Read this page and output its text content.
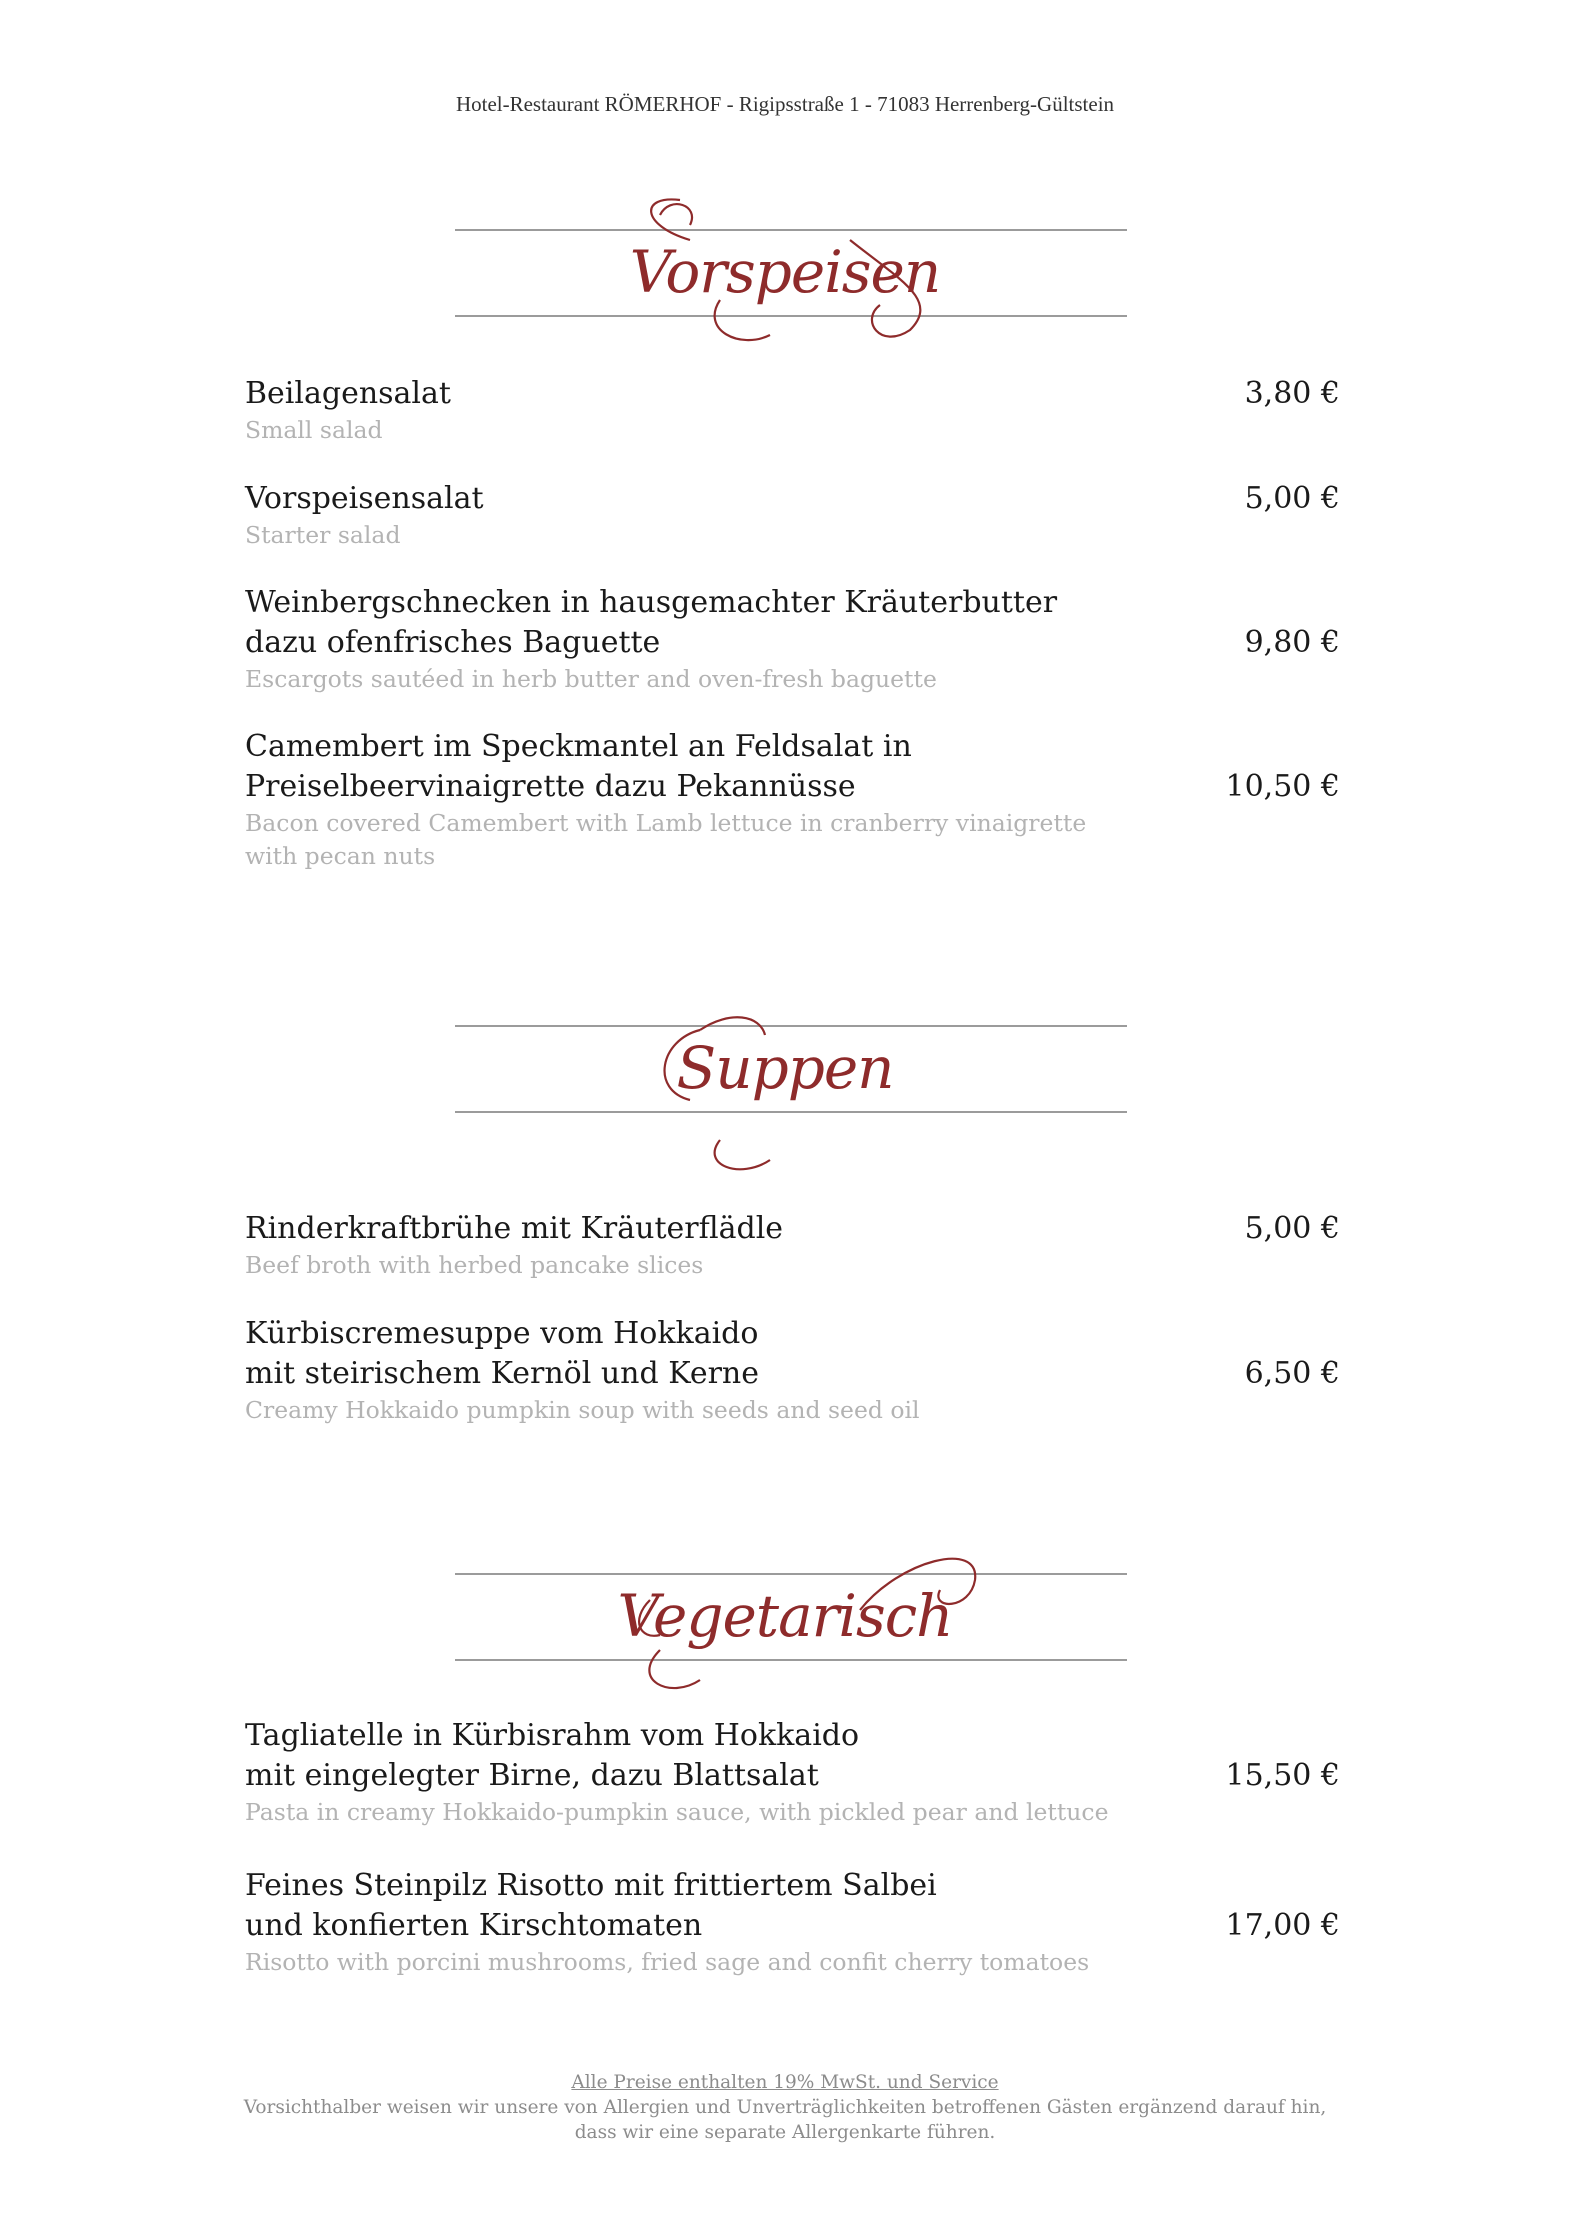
Hotel-Restaurant RÖMERHOF - Rigipsstraße 1 - 71083 Herrenberg-Gültstein
Vorspeisen
Beilagensalat
Small salad
3,80 €
Vorspeisensalat
Starter salad
5,00 €
Weinbergschnecken in hausgemachter Kräuterbutter
dazu ofenfrisches Baguette
Escargots sautéed in herb butter and oven-fresh baguette
9,80 €
Camembert im Speckmantel an Feldsalat in
Preiselbeervinaigrette dazu Pekannüsse
Bacon covered Camembert with Lamb lettuce in cranberry vinaigrette
with pecan nuts
10,50 €
Suppen
Rinderkraftbrühe mit Kräuterflädle
Beef broth with herbed pancake slices
5,00 €
Kürbiscremesuppe vom Hokkaido
mit steirischem Kernöl und Kerne
Creamy Hokkaido pumpkin soup with seeds and seed oil
6,50 €
Vegetarisch
Tagliatelle in Kürbisrahm vom Hokkaido
mit eingelegter Birne, dazu Blattsalat
Pasta in creamy Hokkaido-pumpkin sauce, with pickled pear and lettuce
15,50 €
Feines Steinpilz Risotto mit frittiertem Salbei
und konfierten Kirschtomaten
Risotto with porcini mushrooms, fried sage and confit cherry tomatoes
17,00 €
Alle Preise enthalten 19% MwSt. und Service
Vorsichthalber weisen wir unsere von Allergien und Unverträglichkeiten betroffenen Gästen ergänzend darauf hin,
dass wir eine separate Allergenkarte führen.
